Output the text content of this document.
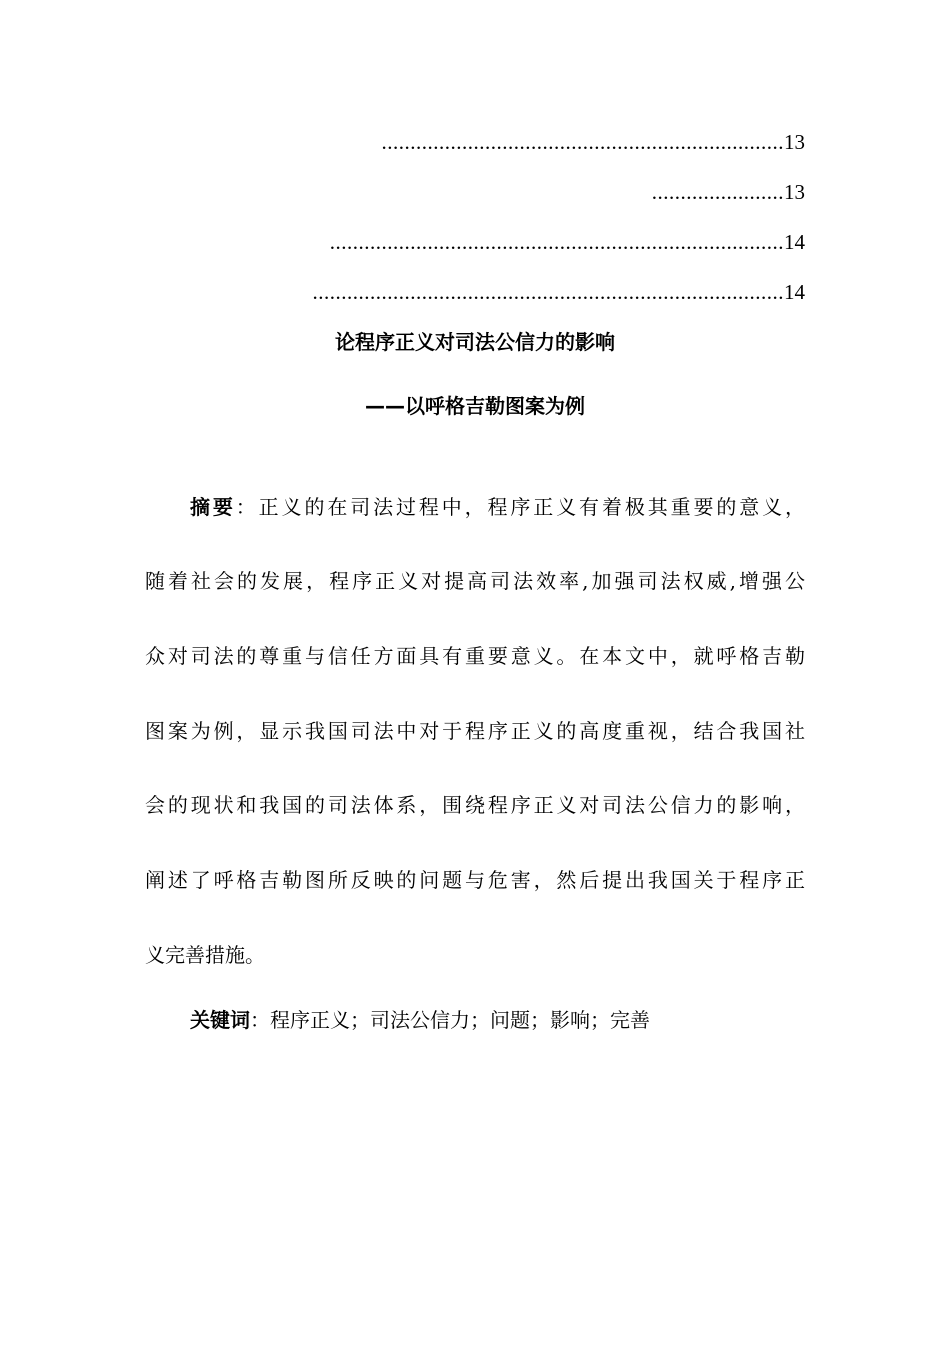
......................................................................13
.......................13
...............................................................................14
..................................................................................14
论程序正义对司法公信力的影响
——以呼格吉勒图案为例
摘要：正义的在司法过程中，程序正义有着极其重要的意义，
随着社会的发展，程序正义对提高司法效率,加强司法权威,增强公
众对司法的尊重与信任方面具有重要意义。在本文中，就呼格吉勒
图案为例，显示我国司法中对于程序正义的高度重视，结合我国社
会的现状和我国的司法体系，围绕程序正义对司法公信力的影响，
阐述了呼格吉勒图所反映的问题与危害，然后提出我国关于程序正
义完善措施。
关键词：程序正义；司法公信力；问题；影响；完善
